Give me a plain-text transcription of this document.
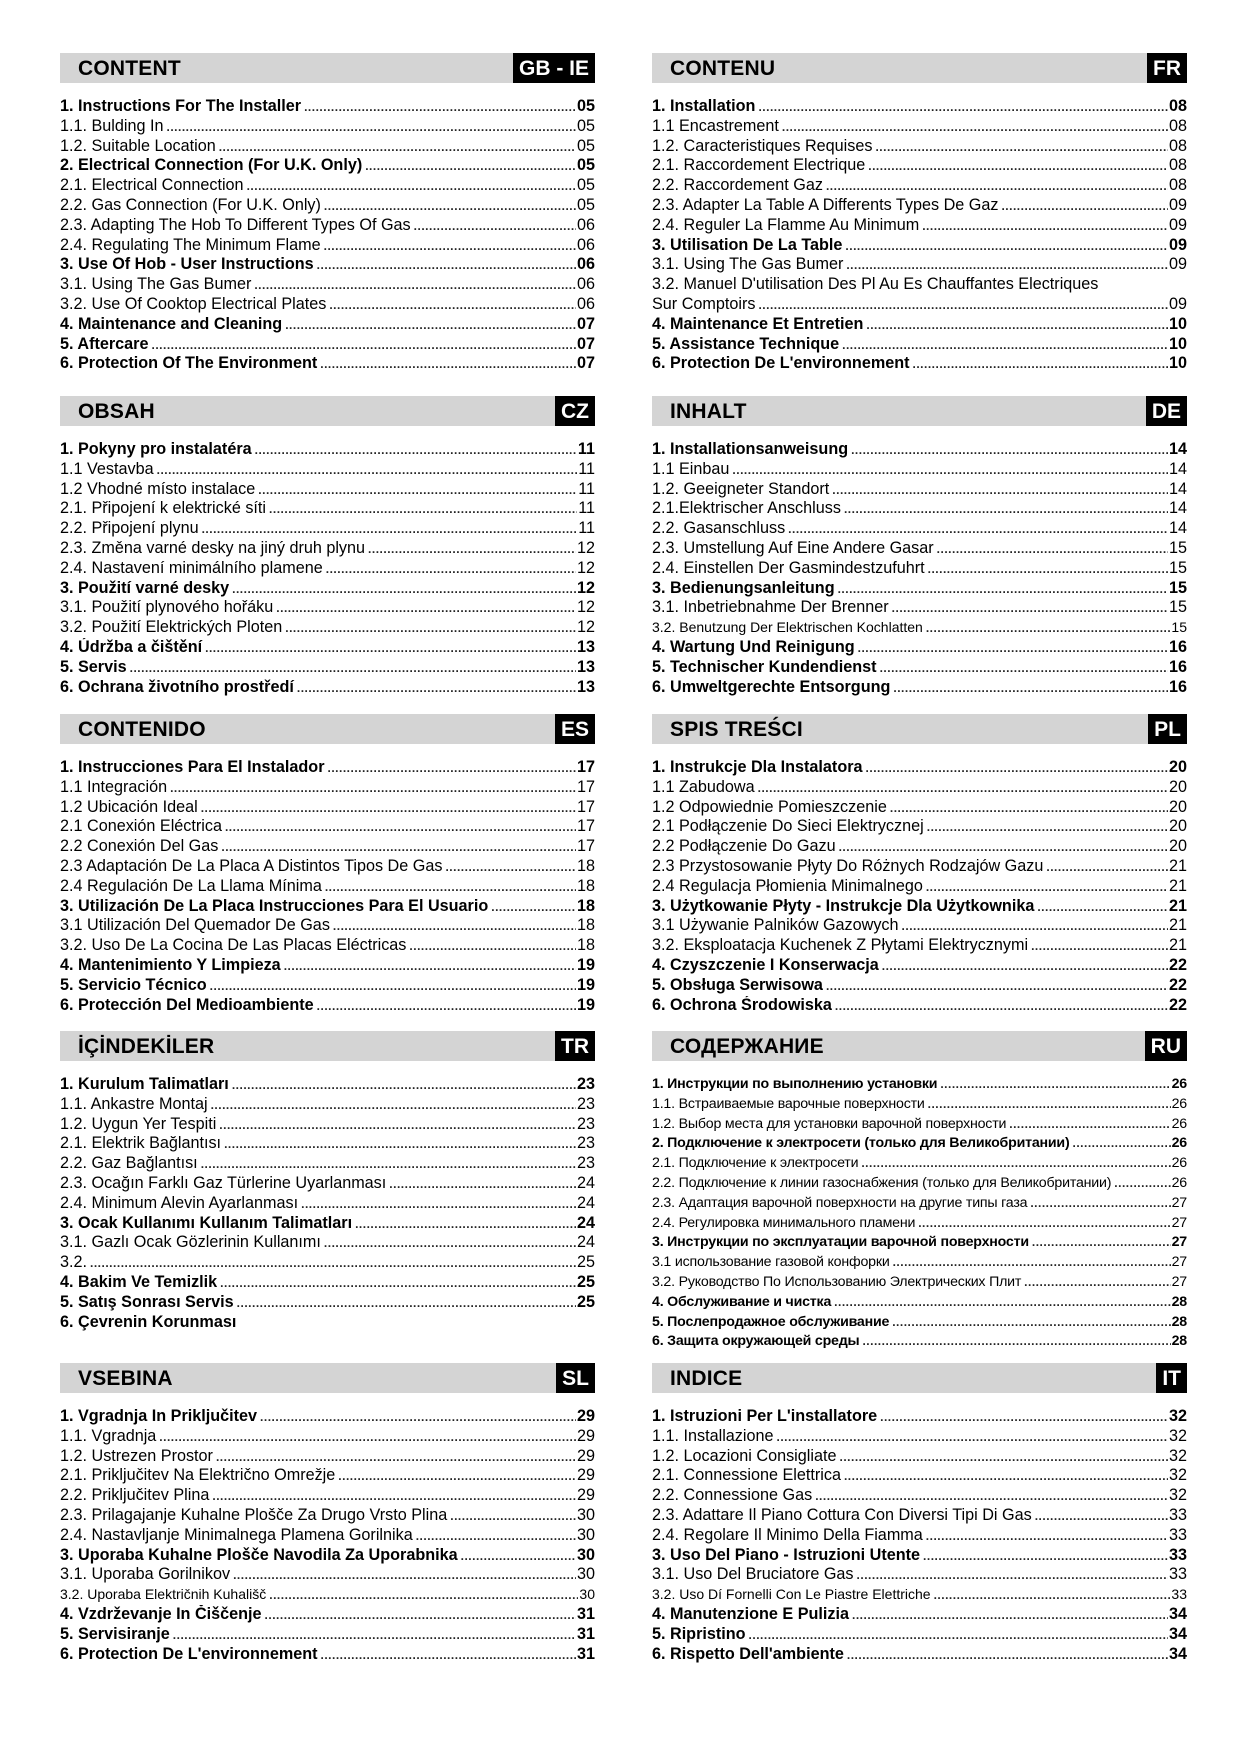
CONTENT	GB - IE
1. Instructions For The Installer .....	05
1.1. Bulding In .....	05
1.2. Suitable Location .....	05
2. Electrical Connection (For U.K. Only) .....	05
2.1. Electrical Connection .....	05
2.2. Gas Connection (For U.K. Only) .....	05
2.3. Adapting The Hob To Different Types Of Gas .....	06
2.4. Regulating The Minimum Flame .....	06
3. Use Of Hob - User Instructions .....	06
3.1. Using The Gas Bumer .....	06
3.2. Use Of Cooktop Electrical Plates .....	06
4. Maintenance and Cleaning .....	07
5. Aftercare .....	07
6. Protection Of The Environment .....	07
OBSAH	CZ
1. Pokyny pro instalatéra .....	11
1.1 Vestavba .....	11
1.2 Vhodné místo instalace .....	11
2.1. Připojení k elektrické síti .....	11
2.2. Připojení plynu .....	11
2.3. Změna varné desky na jiný druh plynu .....	12
2.4. Nastavení minimálního plamene .....	12
3. Použití varné desky .....	12
3.1. Použití plynového hořáku .....	12
3.2. Použití Elektrických Ploten .....	12
4. Údržba a čištění .....	13
5. Servis .....	13
6. Ochrana životního prostředí .....	13
CONTENIDO	ES
1. Instrucciones Para El Instalador .....	17
1.1 Integración .....	17
1.2 Ubicación Ideal .....	17
2.1 Conexión Eléctrica .....	17
2.2 Conexión Del Gas .....	17
2.3 Adaptación De La Placa A Distintos Tipos De Gas .....	18
2.4 Regulación De La Llama Mínima .....	18
3. Utilización De La Placa Instrucciones Para El Usuario .....	18
3.1 Utilización Del Quemador De Gas .....	18
3.2. Uso De La Cocina De Las Placas Eléctricas .....	18
4. Mantenimiento Y Limpieza .....	19
5. Servicio Técnico .....	19
6. Protección Del Medioambiente .....	19
İÇİNDEKİLER	TR
1. Kurulum Talimatları .....	23
1.1. Ankastre Montaj .....	23
1.2. Uygun Yer Tespiti .....	23
2.1. Elektrik Bağlantısı .....	23
2.2. Gaz Bağlantısı .....	23
2.3. Ocağın Farklı Gaz Türlerine Uyarlanması .....	24
2.4. Minimum Alevin Ayarlanması .....	24
3. Ocak Kullanımı Kullanım Talimatları .....	24
3.1. Gazlı Ocak Gözlerinin Kullanımı .....	24
3.2. .....	25
4. Bakim Ve Temizlik .....	25
5. Satış Sonrası Servis .....	25
6. Çevrenin Korunması
VSEBINA	SL
1. Vgradnja In Priključitev .....	29
1.1. Vgradnja .....	29
1.2. Ustrezen Prostor .....	29
2.1. Priključitev Na Električno Omrežje .....	29
2.2. Priključitev Plina .....	29
2.3. Prilagajanje Kuhalne Plošče Za Drugo Vrsto Plina .....	30
2.4. Nastavljanje Minimalnega Plamena Gorilnika .....	30
3. Uporaba Kuhalne Plošče Navodila Za Uporabnika .....	30
3.1. Uporaba Gorilnikov .....	30
3.2. Uporaba Električnih Kuhališč .....	30
4. Vzdrževanje In Čiščenje .....	31
5. Servisiranje .....	31
6. Protection De L'environnement .....	31
CONTENU	FR
1. Installation .....	08
1.1 Encastrement .....	08
1.2. Caracteristiques Requises .....	08
2.1. Raccordement Electrique .....	08
2.2. Raccordement Gaz .....	08
2.3. Adapter La Table A Differents Types De Gaz .....	09
2.4. Reguler La Flamme Au Minimum .....	09
3. Utilisation De La Table .....	09
3.1. Using The Gas Bumer .....	09
3.2. Manuel D'utilisation Des Pl Au Es Chauffantes Electriques
Sur Comptoirs .....	09
4. Maintenance Et Entretien .....	10
5. Assistance Technique .....	10
6. Protection De L'environnement .....	10
INHALT	DE
1. Installationsanweisung .....	14
1.1 Einbau .....	14
1.2. Geeigneter Standort .....	14
2.1.Elektrischer Anschluss .....	14
2.2. Gasanschluss .....	14
2.3. Umstellung Auf Eine Andere Gasar .....	15
2.4. Einstellen Der Gasmindestzufuhrt .....	15
3. Bedienungsanleitung .....	15
3.1. Inbetriebnahme Der Brenner .....	15
3.2. Benutzung Der Elektrischen Kochlatten .....	15
4. Wartung Und Reinigung .....	16
5. Technischer Kundendienst .....	16
6. Umweltgerechte Entsorgung .....	16
SPIS TREŚCI	PL
1. Instrukcje Dla Instalatora .....	20
1.1 Zabudowa .....	20
1.2 Odpowiednie Pomieszczenie .....	20
2.1 Podłączenie Do Sieci Elektrycznej .....	20
2.2 Podłączenie Do Gazu .....	20
2.3 Przystosowanie Płyty Do Różnych Rodzajów Gazu .....	21
2.4 Regulacja Płomienia Minimalnego .....	21
3. Użytkowanie Płyty - Instrukcje Dla Użytkownika .....	21
3.1 Używanie Palników Gazowych .....	21
3.2. Eksploatacja Kuchenek Z Płytami Elektrycznymi .....	21
4. Czyszczenie I Konserwacja .....	22
5. Obsługa Serwisowa .....	22
6. Ochrona Środowiska .....	22
СОДЕРЖАНИЕ	RU
1. Инструкции по выполнению установки .....	26
1.1. Встраиваемые варочные поверхности .....	26
1.2. Выбор места для установки варочной поверхности .....	26
2. Подключение к электросети (только для Великобритании) .....	26
2.1. Подключение к электросети .....	26
2.2. Подключение к линии газоснабжения (только для Великобритании) .....	26
2.3. Адаптация варочной поверхности на другие типы газа .....	27
2.4. Регулировка минимального пламени .....	27
3. Инструкции по эксплуатации варочной поверхности .....	27
3.1 использование газовой конфорки .....	27
3.2. Руководство По Использованию Электрических Плит .....	27
4. Обслуживание и чистка .....	28
5. Послепродажное обслуживание .....	28
6. Защита окружающей среды .....	28
INDICE	IT
1. Istruzioni Per L'installatore .....	32
1.1. Installazione .....	32
1.2. Locazioni Consigliate .....	32
2.1. Connessione Elettrica .....	32
2.2. Connessione Gas .....	32
2.3. Adattare Il Piano Cottura Con Diversi Tipi Di Gas .....	33
2.4. Regolare Il Minimo Della Fiamma .....	33
3. Uso Del Piano - Istruzioni Utente .....	33
3.1. Uso Del Bruciatore Gas .....	33
3.2. Uso Dí Fornelli Con Le Piastre Elettriche .....	33
4. Manutenzione E Pulizia .....	34
5. Ripristino .....	34
6. Rispetto Dell'ambiente .....	34
